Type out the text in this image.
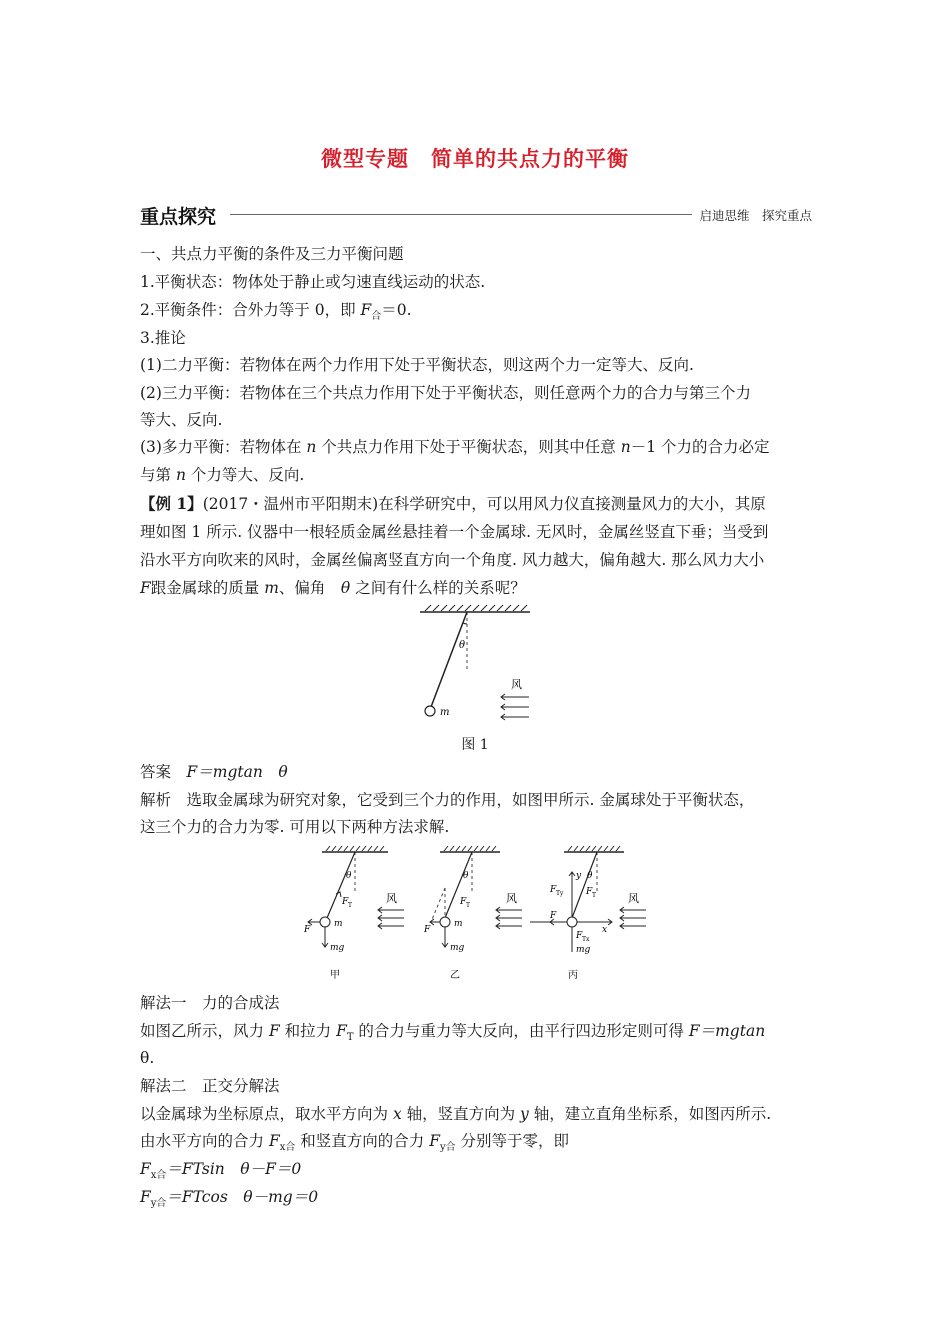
微型专题　简单的共点力的平衡
重点探究	启迪思维　探究重点
一、共点力平衡的条件及三力平衡问题
1.平衡状态：物体处于静止或匀速直线运动的状态.
2.平衡条件：合外力等于 0，即 $F_合=0$.
3.推论
(1)二力平衡：若物体在两个力作用下处于平衡状态，则这两个力一定等大、反向.
(2)三力平衡：若物体在三个共点力作用下处于平衡状态，则任意两个力的合力与第三个力
等大、反向.
(3)多力平衡：若物体在 n 个共点力作用下处于平衡状态，则其中任意 n－1 个力的合力必定
与第 n 个力等大、反向.
【例 1】(2017・温州市平阳期末)在科学研究中，可以用风力仪直接测量风力的大小，其原
理如图 1 所示. 仪器中一根轻质金属丝悬挂着一个金属球. 无风时，金属丝竖直下垂；当受到
沿水平方向吹来的风时，金属丝偏离竖直方向一个角度. 风力越大，偏角越大. 那么风力大小
F跟金属球的质量 m、偏角　θ 之间有什么样的关系呢？
θ
m
风
图 1
答案　F＝mgtan　θ
解析　选取金属球为研究对象，它受到三个力的作用，如图甲所示. 金属球处于平衡状态，
这三个力的合力为零. 可用以下两种方法求解.
θ
F T
m
F
mg
风
甲
θ
F T
m
F
mg
风
乙
θ
y
F T
F Ty
F Tx
F
x
mg
风
丙
解法一　力的合成法
如图乙所示，风力 F 和拉力 $F_T$ 的合力与重力等大反向，由平行四边形定则可得 F＝mgtan
θ.
解法二　正交分解法
以金属球为坐标原点，取水平方向为 x 轴，竖直方向为 y 轴，建立直角坐标系，如图丙所示.
由水平方向的合力 $F_{x合}$ 和竖直方向的合力 $F_{y合}$ 分别等于零，即
$F_{x合}=FTsin$　θ－F＝0
$F_{y合}=FTcos$　θ－mg＝0
